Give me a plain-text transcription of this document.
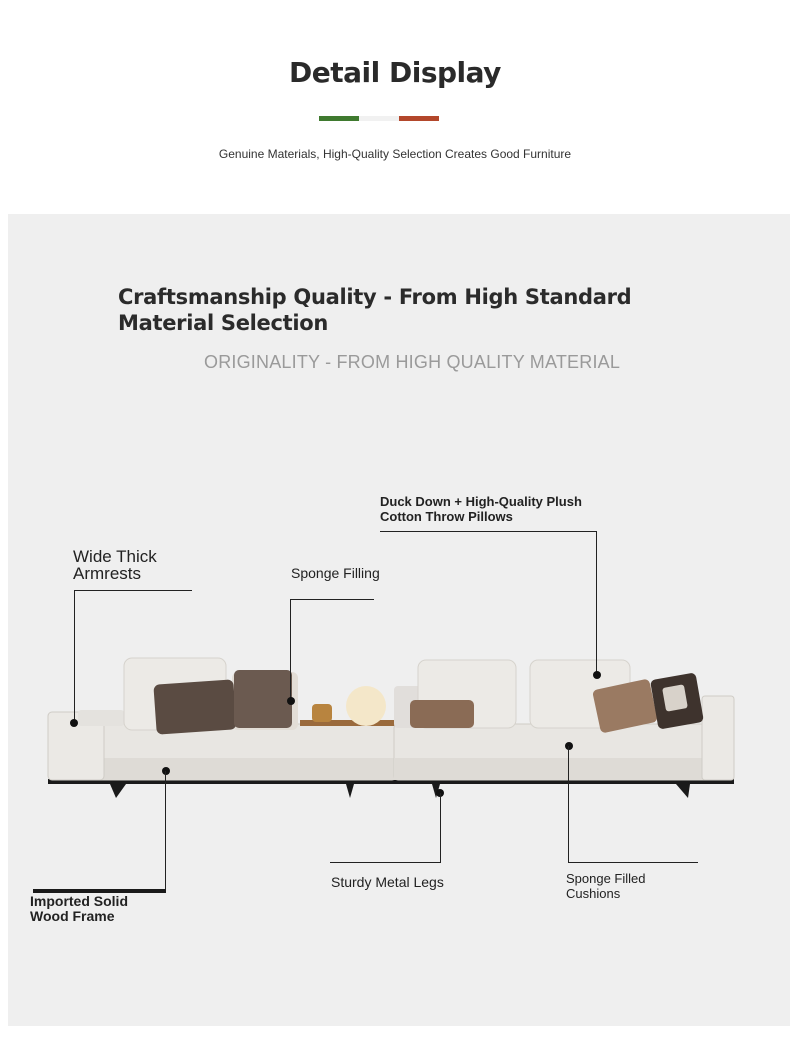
Detail Display
Genuine Materials, High-Quality Selection Creates Good Furniture
Craftsmanship Quality - From High Standard
Material Selection
ORIGINALITY - FROM HIGH QUALITY MATERIAL
Wide Thick
Armrests	Sponge Filling
Duck Down + High-Quality Plush
Cotton Throw Pillows
Imported Solid
Wood Frame
Sturdy Metal Legs	Sponge Filled
Cushions
